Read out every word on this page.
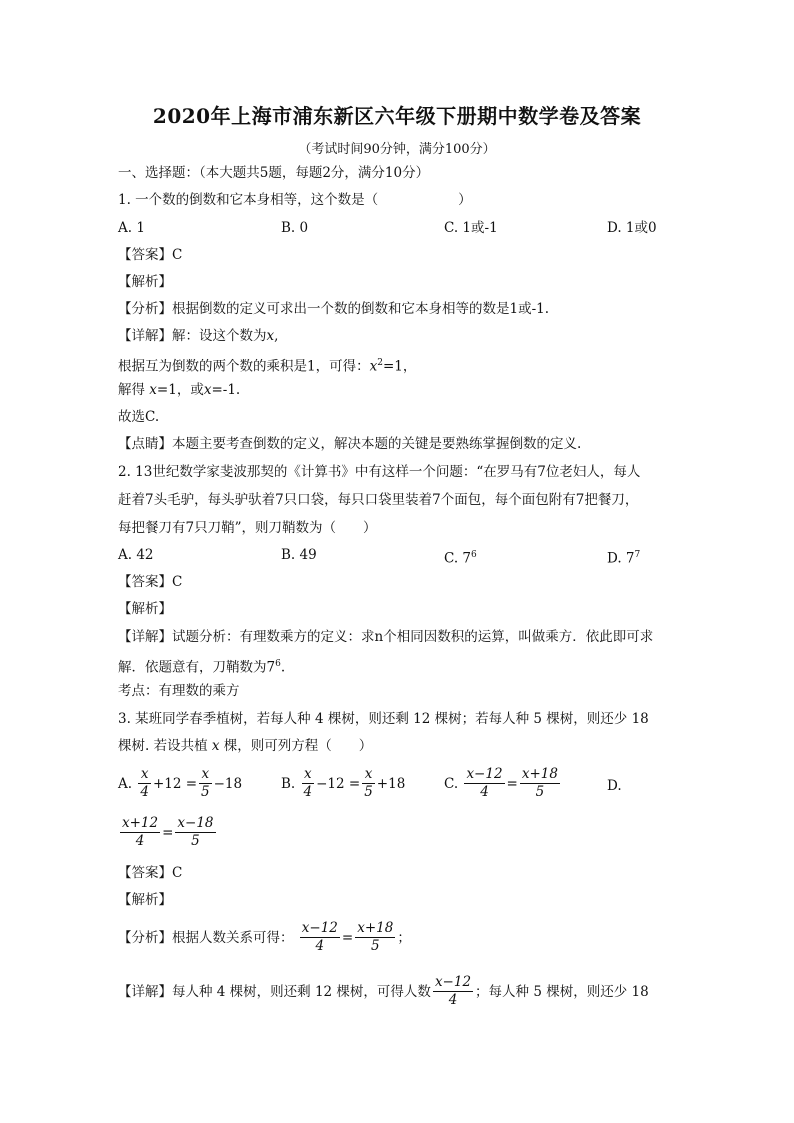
2020年上海市浦东新区六年级下册期中数学卷及答案
（考试时间90分钟，满分100分）
一、选择题：（本大题共5题，每题2分，满分10分）
1. 一个数的倒数和它本身相等，这个数是（	）
A. 1	B. 0	C. 1或-1	D. 1或0
【答案】C
【解析】
【分析】根据倒数的定义可求出一个数的倒数和它本身相等的数是1或-1.
【详解】解：设这个数为x,
根据互为倒数的两个数的乘积是1，可得：$x^2=1$，
解得 x=1，或x=-1.
故选C.
【点睛】本题主要考查倒数的定义，解决本题的关键是要熟练掌握倒数的定义.
2. 13世纪数学家斐波那契的《计算书》中有这样一个问题：“在罗马有7位老妇人，每人
赶着7头毛驴，每头驴驮着7只口袋，每只口袋里装着7个面包，每个面包附有7把餐刀，
每把餐刀有7只刀鞘”，则刀鞘数为（　　）
A. 42	B. 49	C. $7^6$	D. $7^7$
【答案】C
【解析】
【详解】试题分析：有理数乘方的定义：求n个相同因数积的运算，叫做乘方．依此即可求
解．依题意有，刀鞘数为$7^6$.
考点：有理数的乘方
3. 某班同学春季植树，若每人种 4 棵树，则还剩 12 棵树；若每人种 5 棵树，则还少 18
棵树. 若设共植 x 棵，则可列方程（　　）
A. $\frac{x}{4} +12 = \frac{x}{5} -18$	B. $\frac{x}{4} -12 = \frac{x}{5} +18$	C. $\frac{x-12}{4} = \frac{x+18}{5}$	D.
$\frac{x+12}{4} = \frac{x-18}{5}$
【答案】C
【解析】
【分析】根据人数关系可得： $\frac{x-12}{4} = \frac{x+18}{5}$ ；
【详解】每人种 4 棵树，则还剩 12 棵树，可得人数 $\frac{x-12}{4}$ ；每人种 5 棵树，则还少 18
